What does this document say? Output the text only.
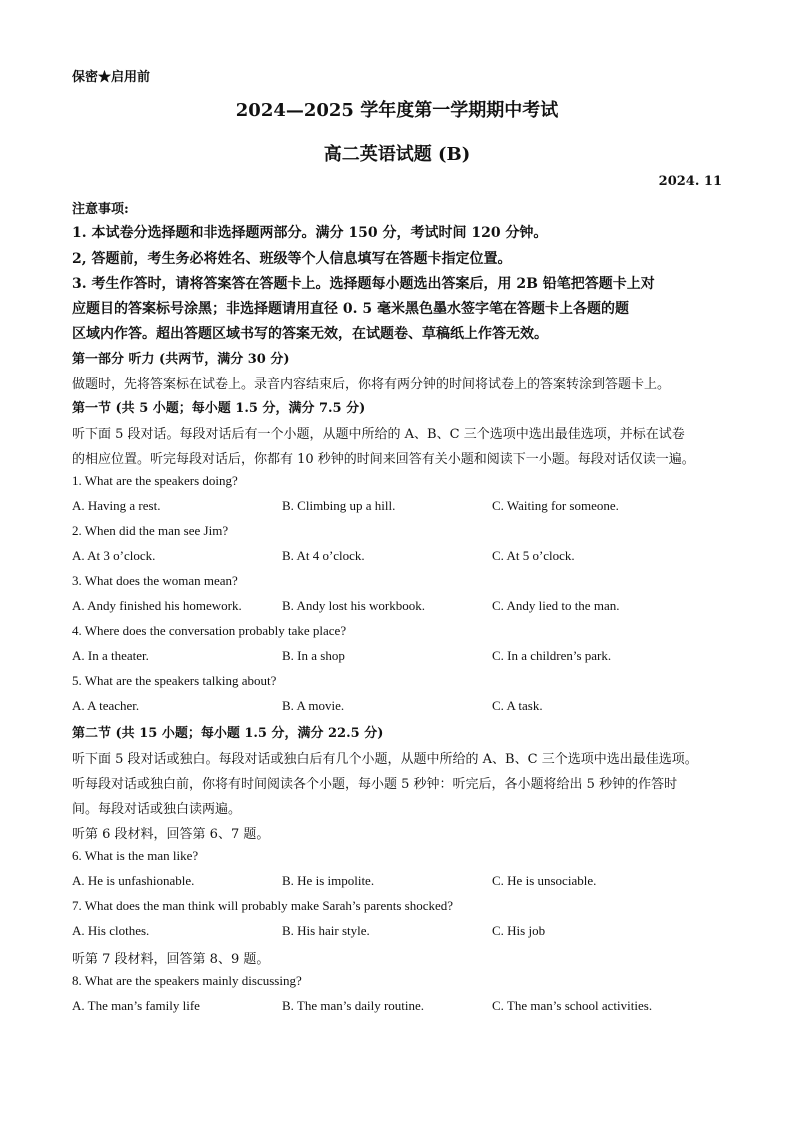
保密★启用前
2024—2025 学年度第一学期期中考试
高二英语试题 (B)
2024. 11
注意事项:
1. 本试卷分选择题和非选择题两部分。满分 150 分，考试时间 120 分钟。
2, 答题前，考生务必将姓名、班级等个人信息填写在答题卡指定位置。
3. 考生作答时，请将答案答在答题卡上。选择题每小题选出答案后，用 2B 铅笔把答题卡上对
应题目的答案标号涂黑；非选择题请用直径 0. 5 毫米黑色墨水签字笔在答题卡上各题的题
区域内作答。超出答题区域书写的答案无效，在试题卷、草稿纸上作答无效。
第一部分 听力 (共两节，满分 30 分)
做题时，先将答案标在试卷上。录音内容结束后，你将有两分钟的时间将试卷上的答案转涂到答题卡上。
第一节 (共 5 小题；每小题 1.5 分，满分 7.5 分)
听下面 5 段对话。每段对话后有一个小题，从题中所给的 A、B、C 三个选项中选出最佳选项，并标在试卷
的相应位置。听完每段对话后，你都有 10 秒钟的时间来回答有关小题和阅读下一小题。每段对话仅读一遍。
1. What are the speakers doing?
A. Having a rest.	B. Climbing up a hill.	C. Waiting for someone.
2. When did the man see Jim?
A. At 3 o’clock.	B. At 4 o’clock.	C. At 5 o’clock.
3. What does the woman mean?
A. Andy finished his homework.	B. Andy lost his workbook.	C. Andy lied to the man.
4. Where does the conversation probably take place?
A. In a theater.	B. In a shop	C. In a children’s park.
5. What are the speakers talking about?
A. A teacher.	B. A movie.	C. A task.
第二节 (共 15 小题；每小题 1.5 分，满分 22.5 分)
听下面 5 段对话或独白。每段对话或独白后有几个小题，从题中所给的 A、B、C 三个选项中选出最佳选项。
听每段对话或独白前，你将有时间阅读各个小题，每小题 5 秒钟：听完后，各小题将给出 5 秒钟的作答时
间。每段对话或独白读两遍。
听第 6 段材料，回答第 6、7 题。
6. What is the man like?
A. He is unfashionable.	B. He is impolite.	C. He is unsociable.
7. What does the man think will probably make Sarah’s parents shocked?
A. His clothes.	B. His hair style.	C. His job
听第 7 段材料，回答第 8、9 题。
8. What are the speakers mainly discussing?
A. The man’s family life	B. The man’s daily routine.	C. The man’s school activities.
